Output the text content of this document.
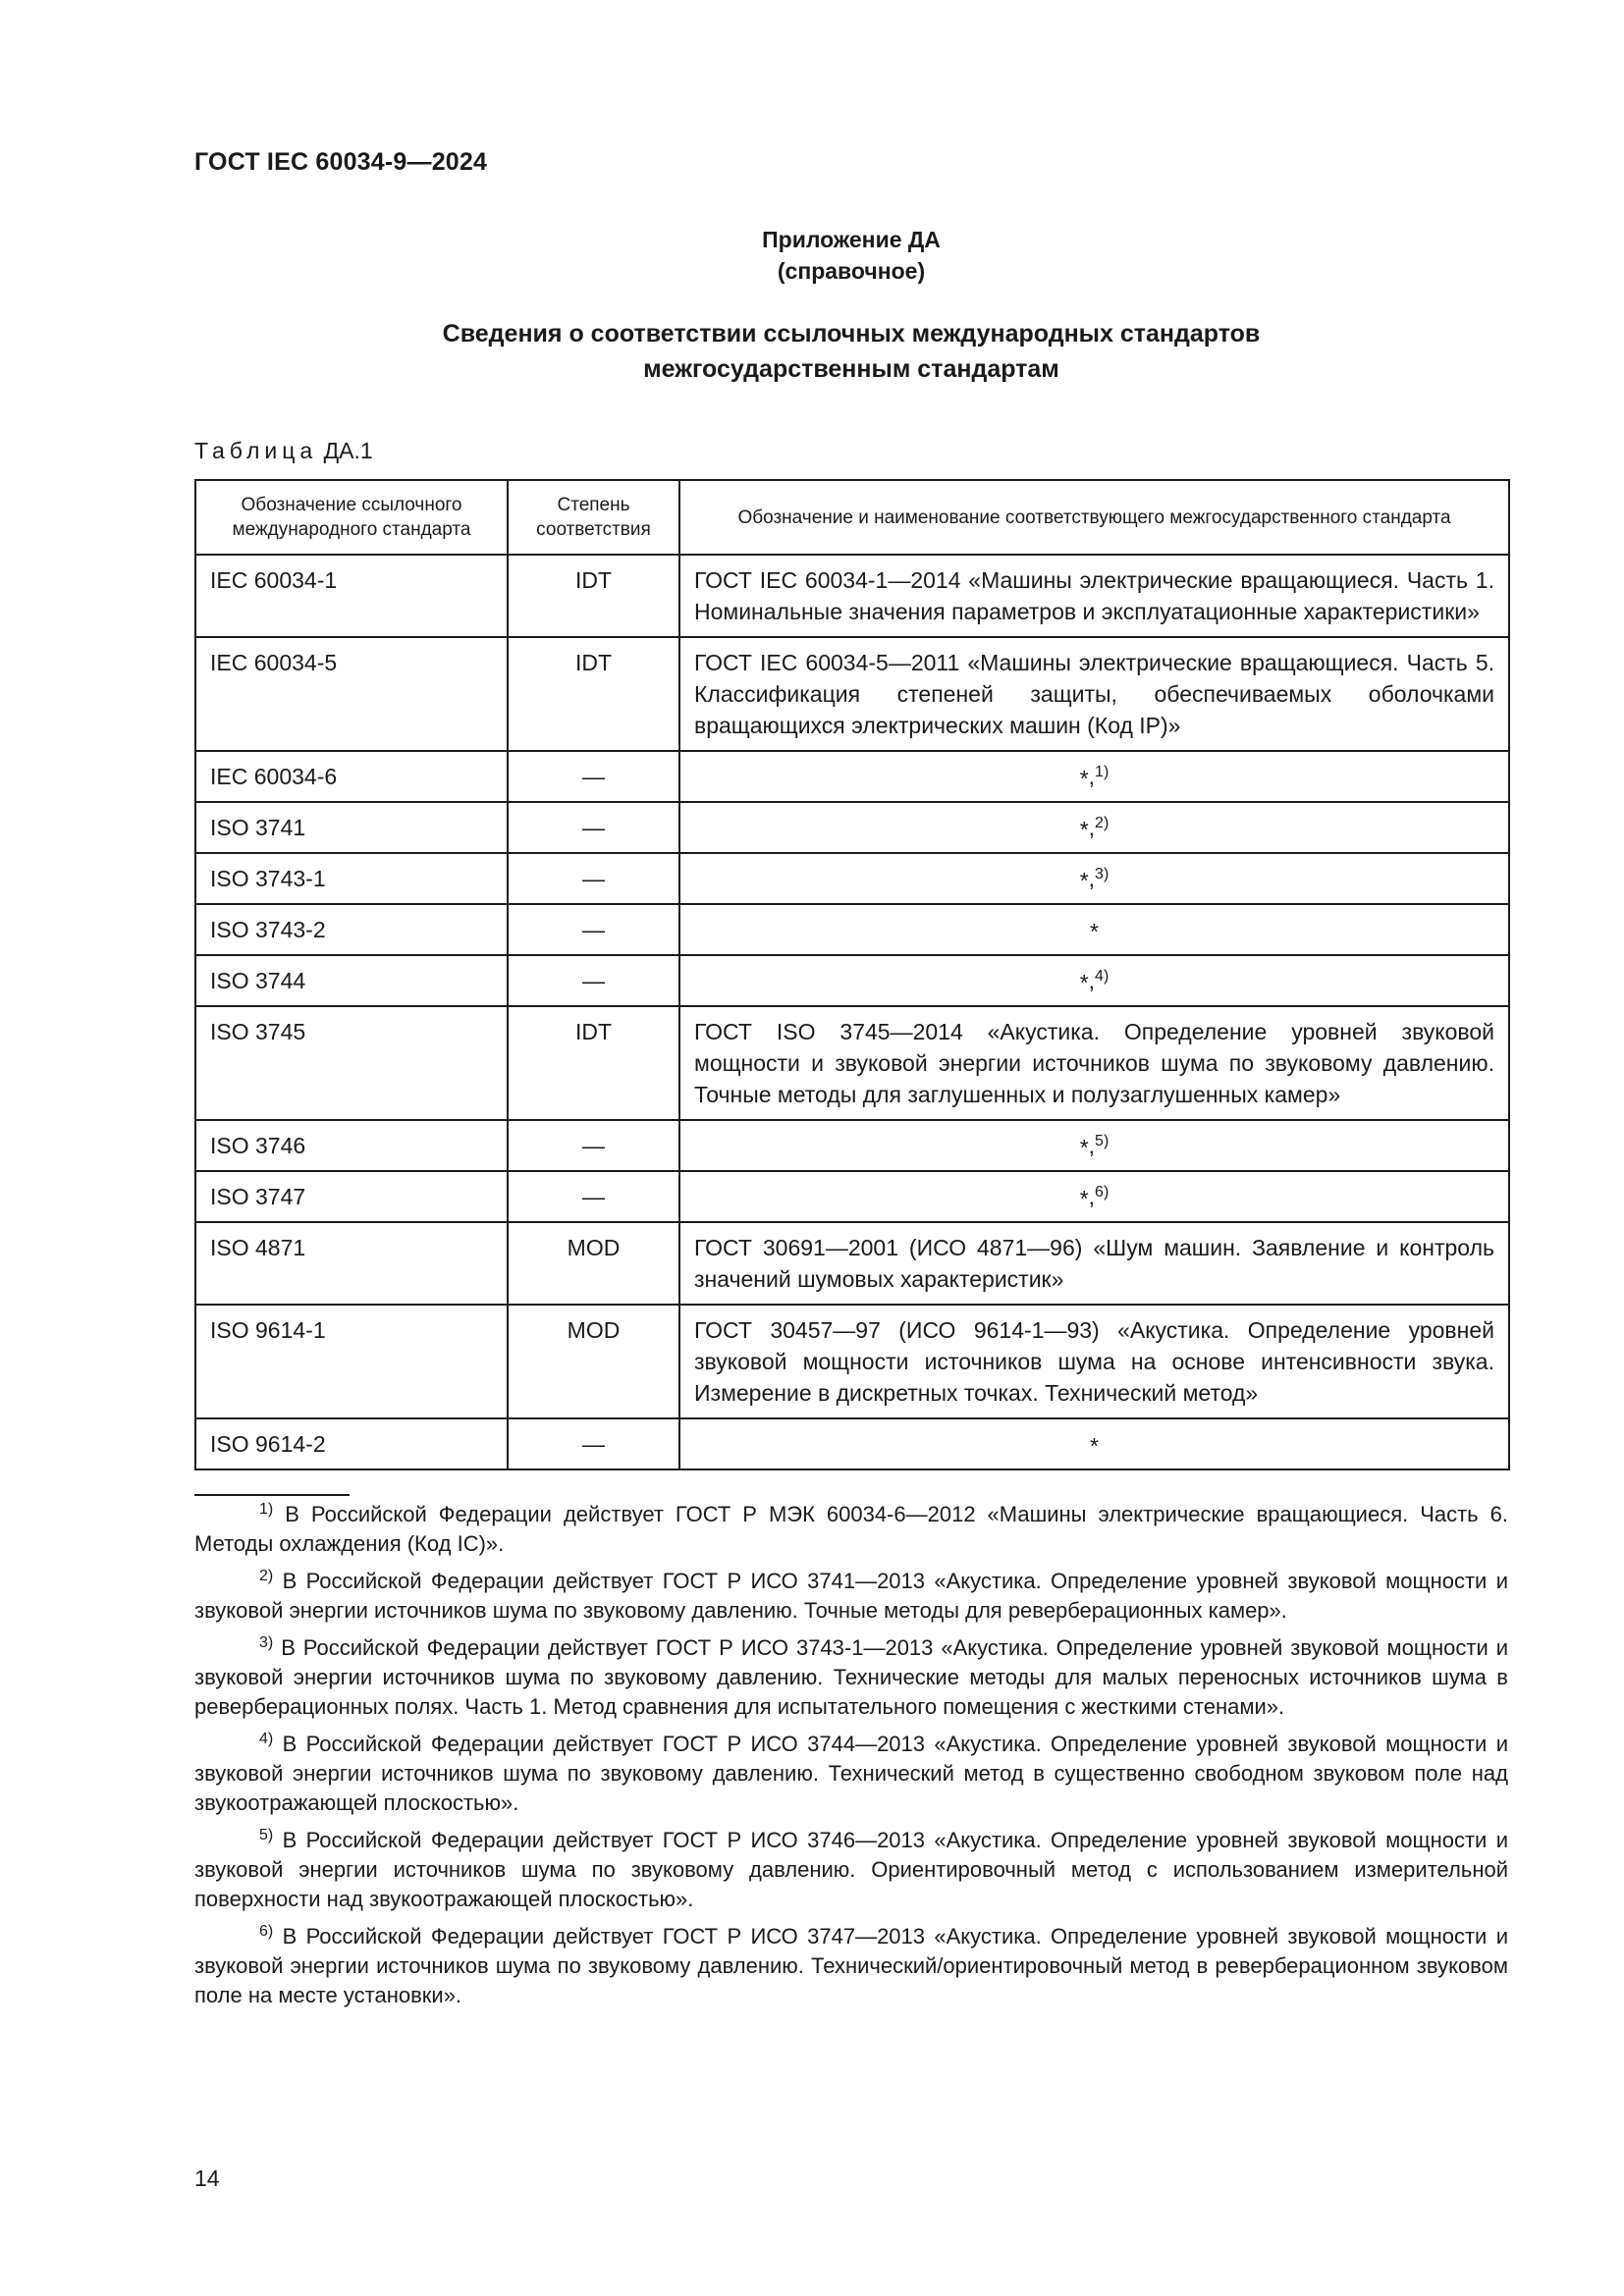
ГОСТ IEC 60034-9—2024
Приложение ДА
(справочное)
Сведения о соответствии ссылочных международных стандартов
межгосударственным стандартам
Таблица ДА.1
Обозначение ссылочного международного стандарта	Степень соответствия	Обозначение и наименование соответствующего межгосударственного стандарта
IEC 60034-1	IDT	ГОСТ IEC 60034-1—2014 «Машины электрические вращающиеся. Часть 1. Номинальные значения параметров и эксплуатационные характеристики»
IEC 60034-5	IDT	ГОСТ IEC 60034-5—2011 «Машины электрические вращающиеся. Часть 5. Классификация степеней защиты, обеспечиваемых оболочками вращающихся электрических машин (Код IP)»
IEC 60034-6	—	*,$^{1)}$
ISO 3741	—	*,$^{2)}$
ISO 3743-1	—	*,$^{3)}$
ISO 3743-2	—	*
ISO 3744	—	*,$^{4)}$
ISO 3745	IDT	ГОСТ ISO 3745—2014 «Акустика. Определение уровней звуковой мощности и звуковой энергии источников шума по звуковому давлению. Точные методы для заглушенных и полузаглушенных камер»
ISO 3746	—	*,$^{5)}$
ISO 3747	—	*,$^{6)}$
ISO 4871	MOD	ГОСТ 30691—2001 (ИСО 4871—96) «Шум машин. Заявление и контроль значений шумовых характеристик»
ISO 9614-1	MOD	ГОСТ 30457—97 (ИСО 9614-1—93) «Акустика. Определение уровней звуковой мощности источников шума на основе интенсивности звука. Измерение в дискретных точках. Технический метод»
ISO 9614-2	—	*

$^{1)}$ В Российской Федерации действует ГОСТ Р МЭК 60034-6—2012 «Машины электрические вращающиеся. Часть 6. Методы охлаждения (Код IC)».

$^{2)}$ В Российской Федерации действует ГОСТ Р ИСО 3741—2013 «Акустика. Определение уровней звуковой мощности и звуковой энергии источников шума по звуковому давлению. Точные методы для реверберационных камер».

$^{3)}$ В Российской Федерации действует ГОСТ Р ИСО 3743-1—2013 «Акустика. Определение уровней звуковой мощности и звуковой энергии источников шума по звуковому давлению. Технические методы для малых переносных источников шума в реверберационных полях. Часть 1. Метод сравнения для испытательного помещения с жесткими стенами».

$^{4)}$ В Российской Федерации действует ГОСТ Р ИСО 3744—2013 «Акустика. Определение уровней звуковой мощности и звуковой энергии источников шума по звуковому давлению. Технический метод в существенно свободном звуковом поле над звукоотражающей плоскостью».

$^{5)}$ В Российской Федерации действует ГОСТ Р ИСО 3746—2013 «Акустика. Определение уровней звуковой мощности и звуковой энергии источников шума по звуковому давлению. Ориентировочный метод с использованием измерительной поверхности над звукоотражающей плоскостью».

$^{6)}$ В Российской Федерации действует ГОСТ Р ИСО 3747—2013 «Акустика. Определение уровней звуковой мощности и звуковой энергии источников шума по звуковому давлению. Технический/ориентировочный метод в реверберационном звуковом поле на месте установки».

14
